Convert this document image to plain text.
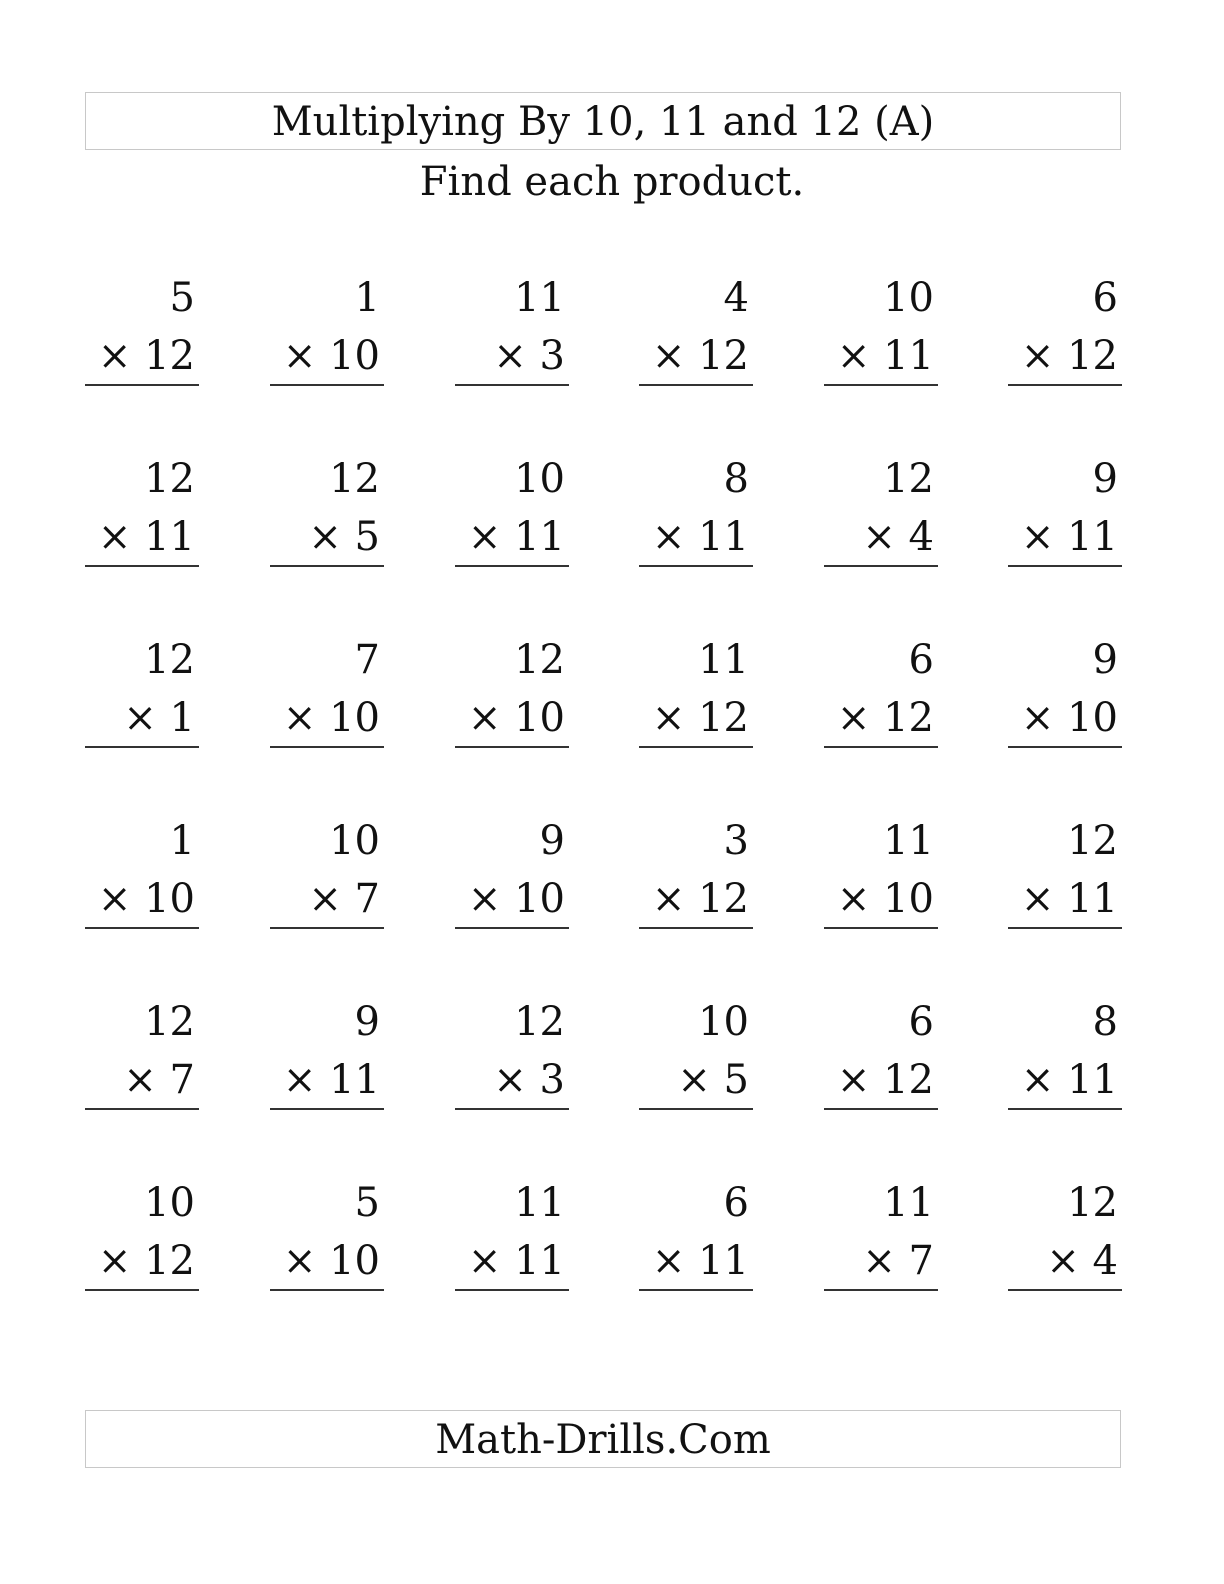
Multiplying By 10, 11 and 12 (A)
Find each product.
5
× 12
1
× 10
11
× 3
4
× 12
10
× 11
6
× 12
12
× 11
12
× 5
10
× 11
8
× 11
12
× 4
9
× 11
12
× 1
7
× 10
12
× 10
11
× 12
6
× 12
9
× 10
1
× 10
10
× 7
9
× 10
3
× 12
11
× 10
12
× 11
12
× 7
9
× 11
12
× 3
10
× 5
6
× 12
8
× 11
10
× 12
5
× 10
11
× 11
6
× 11
11
× 7
12
× 4
Math-Drills.Com
